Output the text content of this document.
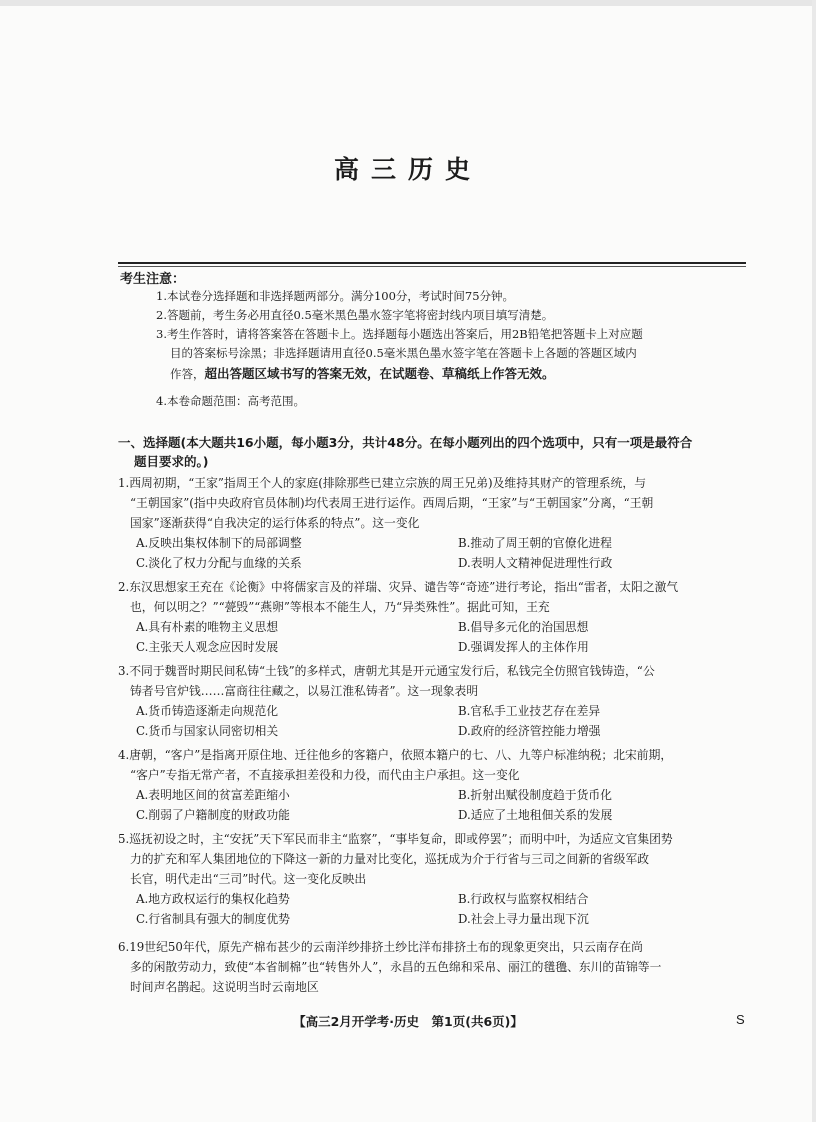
高三历史
考生注意：
1.本试卷分选择题和非选择题两部分。满分100分，考试时间75分钟。
2.答题前，考生务必用直径0.5毫米黑色墨水签字笔将密封线内项目填写清楚。
3.考生作答时，请将答案答在答题卡上。选择题每小题选出答案后，用2B铅笔把答题卡上对应题
目的答案标号涂黑；非选择题请用直径0.5毫米黑色墨水签字笔在答题卡上各题的答题区域内
作答，超出答题区域书写的答案无效，在试题卷、草稿纸上作答无效。
4.本卷命题范围：高考范围。
一、选择题(本大题共16小题，每小题3分，共计48分。在每小题列出的四个选项中，只有一项是最符合
题目要求的。)
1.西周初期，“王家”指周王个人的家庭(排除那些已建立宗族的周王兄弟)及维持其财产的管理系统，与
“王朝国家”(指中央政府官员体制)均代表周王进行运作。西周后期，“王家”与“王朝国家”分离，“王朝
国家”逐渐获得“自我决定的运行体系的特点”。这一变化
A.反映出集权体制下的局部调整	B.推动了周王朝的官僚化进程
C.淡化了权力分配与血缘的关系	D.表明人文精神促进理性行政
2.东汉思想家王充在《论衡》中将儒家言及的祥瑞、灾异、谴告等“奇迹”进行考论，指出“雷者，太阳之激气
也，何以明之？”“甍毁”“燕卵”等根本不能生人，乃“异类殊性”。据此可知，王充
A.具有朴素的唯物主义思想	B.倡导多元化的治国思想
C.主张天人观念应因时发展	D.强调发挥人的主体作用
3.不同于魏晋时期民间私铸“土钱”的多样式，唐朝尤其是开元通宝发行后，私钱完全仿照官钱铸造，“公
铸者号官炉钱……富商往往藏之，以易江淮私铸者”。这一现象表明
A.货币铸造逐渐走向规范化	B.官私手工业技艺存在差异
C.货币与国家认同密切相关	D.政府的经济管控能力增强
4.唐朝，“客户”是指离开原住地、迁往他乡的客籍户，依照本籍户的七、八、九等户标准纳税；北宋前期，
“客户”专指无常产者，不直接承担差役和力役，而代由主户承担。这一变化
A.表明地区间的贫富差距缩小	B.折射出赋役制度趋于货币化
C.削弱了户籍制度的财政功能	D.适应了土地租佃关系的发展
5.巡抚初设之时，主“安抚”天下军民而非主“监察”，“事毕复命，即或停罢”；而明中叶，为适应文官集团势
力的扩充和军人集团地位的下降这一新的力量对比变化，巡抚成为介于行省与三司之间新的省级军政
长官，明代走出“三司”时代。这一变化反映出
A.地方政权运行的集权化趋势	B.行政权与监察权相结合
C.行省制具有强大的制度优势	D.社会上寻力量出现下沉
6.19世纪50年代，原先产棉布甚少的云南洋纱排挤土纱比洋布排挤土布的现象更突出，只云南存在尚
多的闲散劳动力，致使“本省制棉”也“转售外人”，永昌的五色绵和采帛、丽江的氆氇、东川的苗锦等一
时间声名鹊起。这说明当时云南地区
【高三2月开学考·历史　第1页(共6页)】	S
